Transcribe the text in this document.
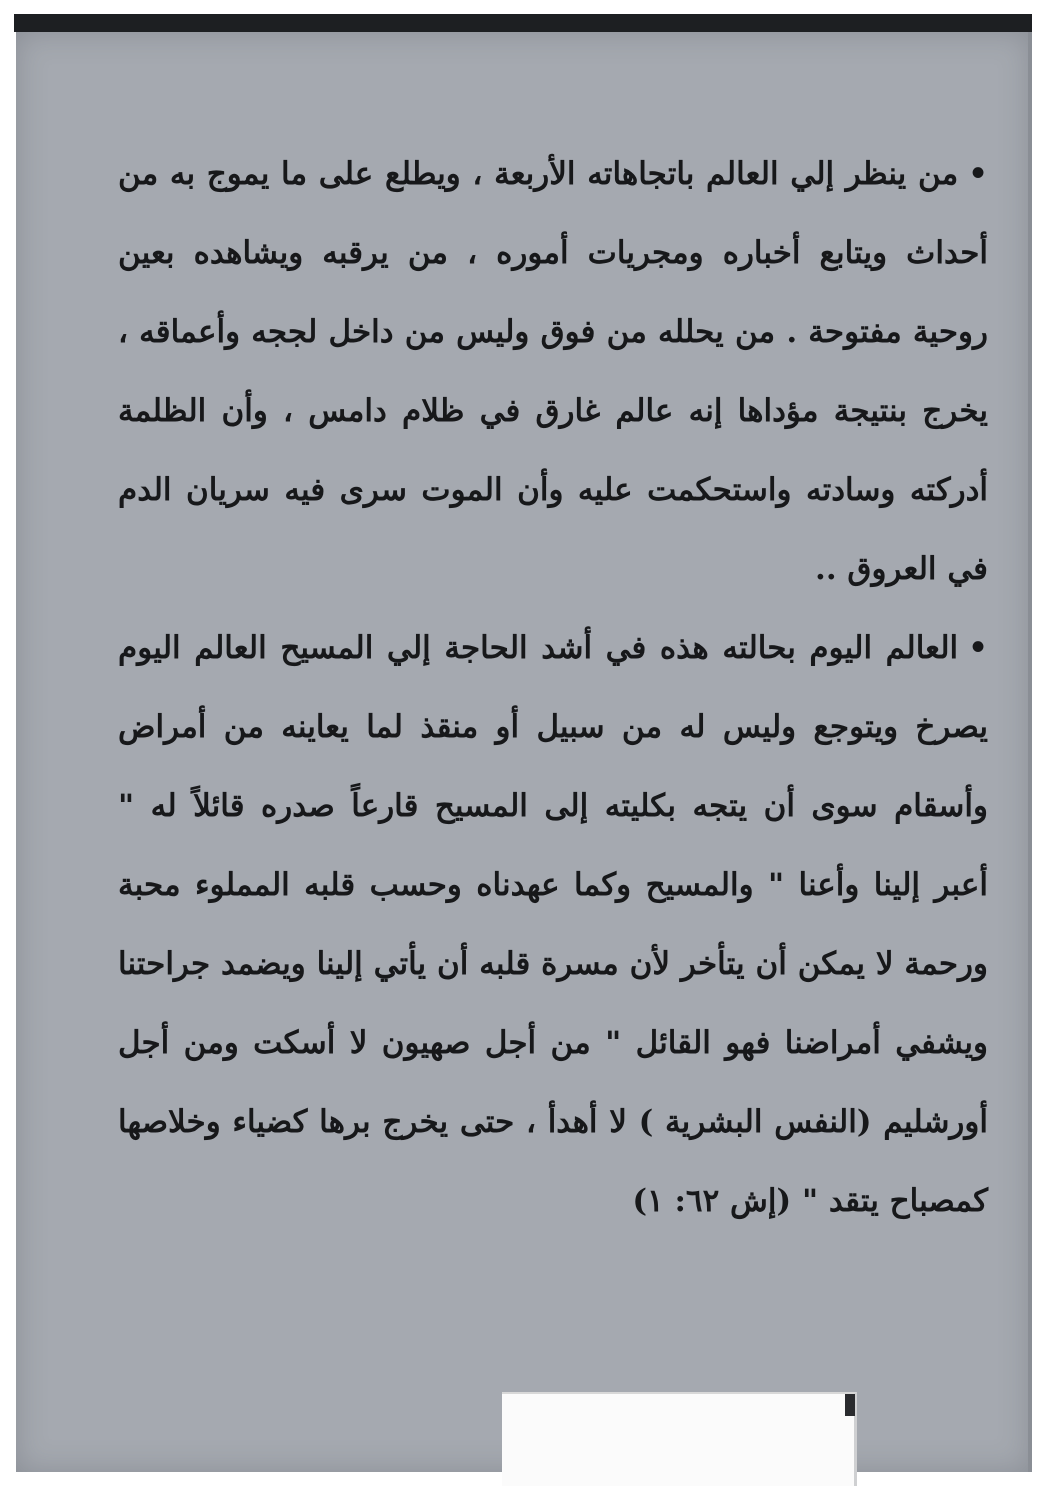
•من ينظر إلي العالم باتجاهاته الأربعة ، ويطلع على ما يموج به من أحداث ويتابع أخباره ومجريات أموره ، من يرقبه ويشاهده بعين روحية مفتوحة . من يحلله من فوق وليس من داخل لججه وأعماقه ، يخرج بنتيجة مؤداها إنه عالم غارق في ظلام دامس ، وأن الظلمة أدركته وسادته واستحكمت عليه وأن الموت سرى فيه سريان الدم في العروق ..

•العالم اليوم بحالته هذه في أشد الحاجة إلي المسيح العالم اليوم يصرخ ويتوجع وليس له من سبيل أو منقذ لما يعاينه من أمراض وأسقام سوى أن يتجه بكليته إلى المسيح قارعاً صدره قائلاً له " أعبر إلينا وأعنا " والمسيح وكما عهدناه وحسب قلبه المملوء محبة ورحمة لا يمكن أن يتأخر لأن مسرة قلبه أن يأتي إلينا ويضمد جراحتنا ويشفي أمراضنا فهو القائل " من أجل صهيون لا أسكت ومن أجل أورشليم (النفس البشرية ) لا أهدأ ، حتى يخرج برها كضياء وخلاصها كمصباح يتقد " (إش ٦٢: ١)
